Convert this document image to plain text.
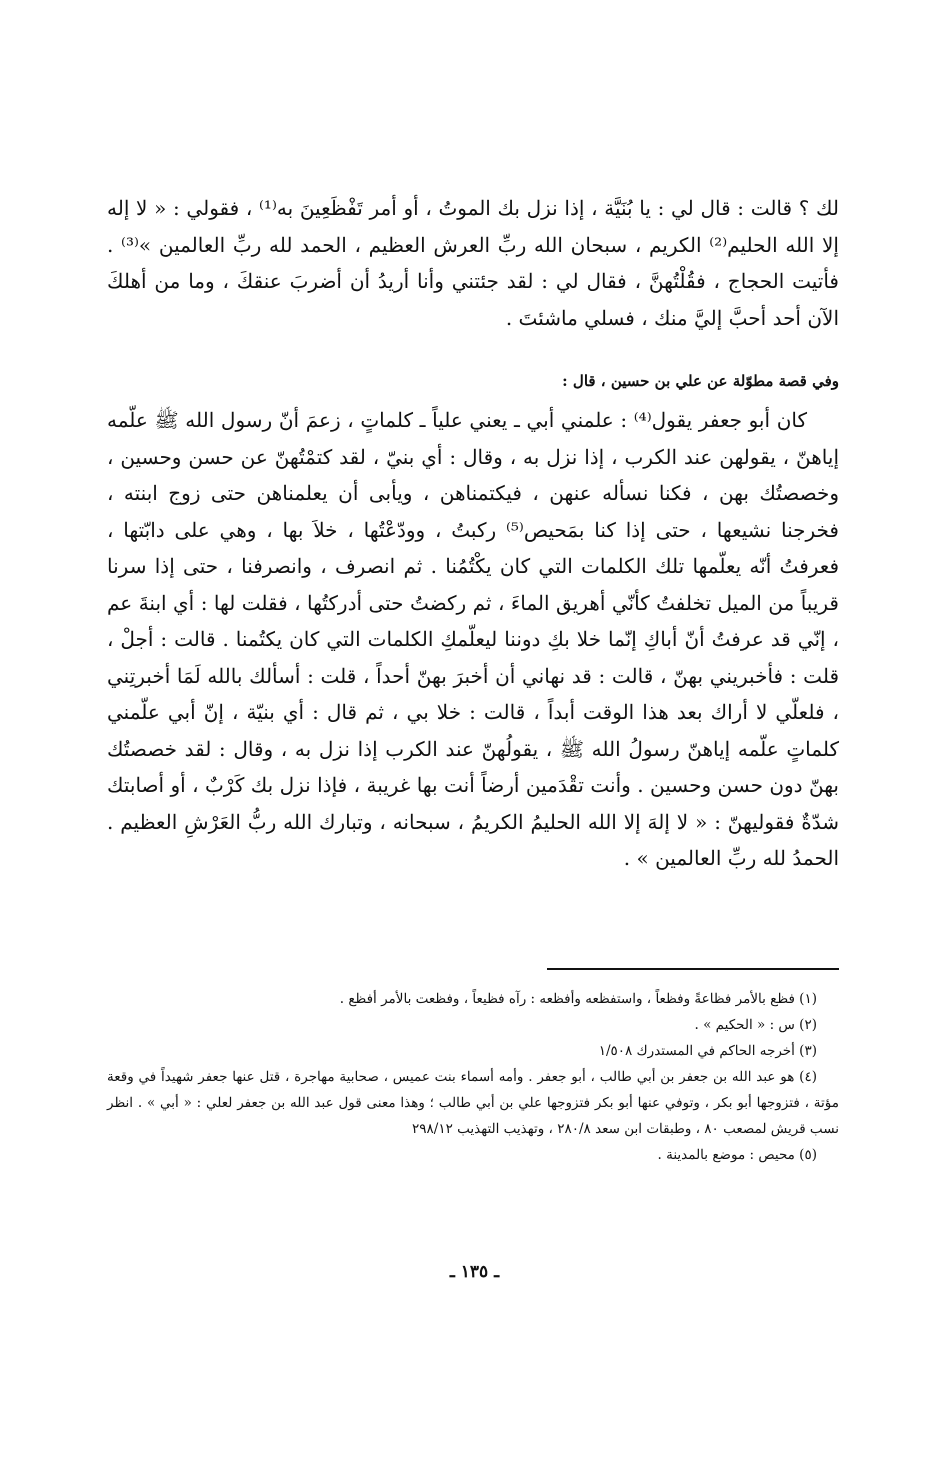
لك ؟ قالت : قال لي : يا بُنَيَّة ، إذا نزل بك الموتُ ، أو أمر تَفْظَعِينَ به⁽¹⁾ ، فقولي : « لا إله إلا الله الحليم⁽²⁾ الكريم ، سبحان الله ربِّ العرش العظيم ، الحمد لله ربِّ العالمين »⁽³⁾ . فأتيت الحجاج ، فقُلْتُهنَّ ، فقال لي : لقد جئتني وأنا أريدُ أن أضربَ عنقكَ ، وما من أهلكَ الآن أحد أحبَّ إليَّ منك ، فسلي ماشئتَ .

وفي قصة مطوّلة عن علي بن حسين ، قال :

كان أبو جعفر يقول⁽⁴⁾ : علمني أبي ـ يعني علياً ـ كلماتٍ ، زعمَ أنّ رسول الله ﷺ علّمه إياهنّ ، يقولهن عند الكرب ، إذا نزل به ، وقال : أي بنيّ ، لقد كتمْتُهنّ عن حسن وحسين ، وخصصتُك بهن ، فكنا نسأله عنهن ، فيكتمناهن ، ويأبى أن يعلمناهن حتى زوج ابنته ، فخرجنا نشيعها ، حتى إذا كنا بمَحيص⁽⁵⁾ ركبتُ ، وودّعْتُها ، خلاَ بها ، وهي على دابّتها ، فعرفتُ أنّه يعلّمها تلك الكلمات التي كان يكْتُمُنا . ثم انصرف ، وانصرفنا ، حتى إذا سرنا قريباً من الميل تخلفتُ كأنّي أهريق الماءَ ، ثم ركضتُ حتى أدركتُها ، فقلت لها : أي ابنةَ عم ، إنّي قد عرفتُ أنّ أباكِ إنّما خلا بكِ دوننا ليعلّمكِ الكلمات التي كان يكتُمنا . قالت : أجلْ ، قلت : فأخبريني بهنّ ، قالت : قد نهاني أن أخبرَ بهنّ أحداً ، قلت : أسألك بالله لَمَا أخبرتِني ، فلعلّي لا أراك بعد هذا الوقت أبداً ، قالت : خلا بي ، ثم قال : أي بنيّة ، إنّ أبي علّمني كلماتٍ علّمه إياهنّ رسولُ الله ﷺ ، يقولُهنّ عند الكرب إذا نزل به ، وقال : لقد خصصتُك بهنّ دون حسن وحسين . وأنت تقْدَمين أرضاً أنت بها غريبة ، فإذا نزل بك كَرْبٌ ، أو أصابتك شدّةٌ فقوليهنّ : « لا إلهَ إلا الله الحليمُ الكريمُ ، سبحانه ، وتبارك الله ربُّ العَرْشِ العظيم . الحمدُ لله ربِّ العالمين » .

(١) فظع بالأمر فظاعةً وفظعاً ، واستفظعه وأفظعه : رآه فظيعاً ، وفظعت بالأمر أفظع .

(٢) س : « الحكيم » .

(٣) أخرجه الحاكم في المستدرك ١/٥٠٨

(٤) هو عبد الله بن جعفر بن أبي طالب ، أبو جعفر . وأمه أسماء بنت عميس ، صحابية مهاجرة ، قتل عنها جعفر شهيداً في وقعة مؤتة ، فتزوجها أبو بكر ، وتوفي عنها أبو بكر فتزوجها علي بن أبي طالب ؛ وهذا معنى قول عبد الله بن جعفر لعلي : « أبي » . انظر نسب قريش لمصعب ٨٠ ، وطبقات ابن سعد ٢٨٠/٨ ، وتهذيب التهذيب ٢٩٨/١٢

(٥) محيص : موضع بالمدينة .

ـ ١٣٥ ـ
